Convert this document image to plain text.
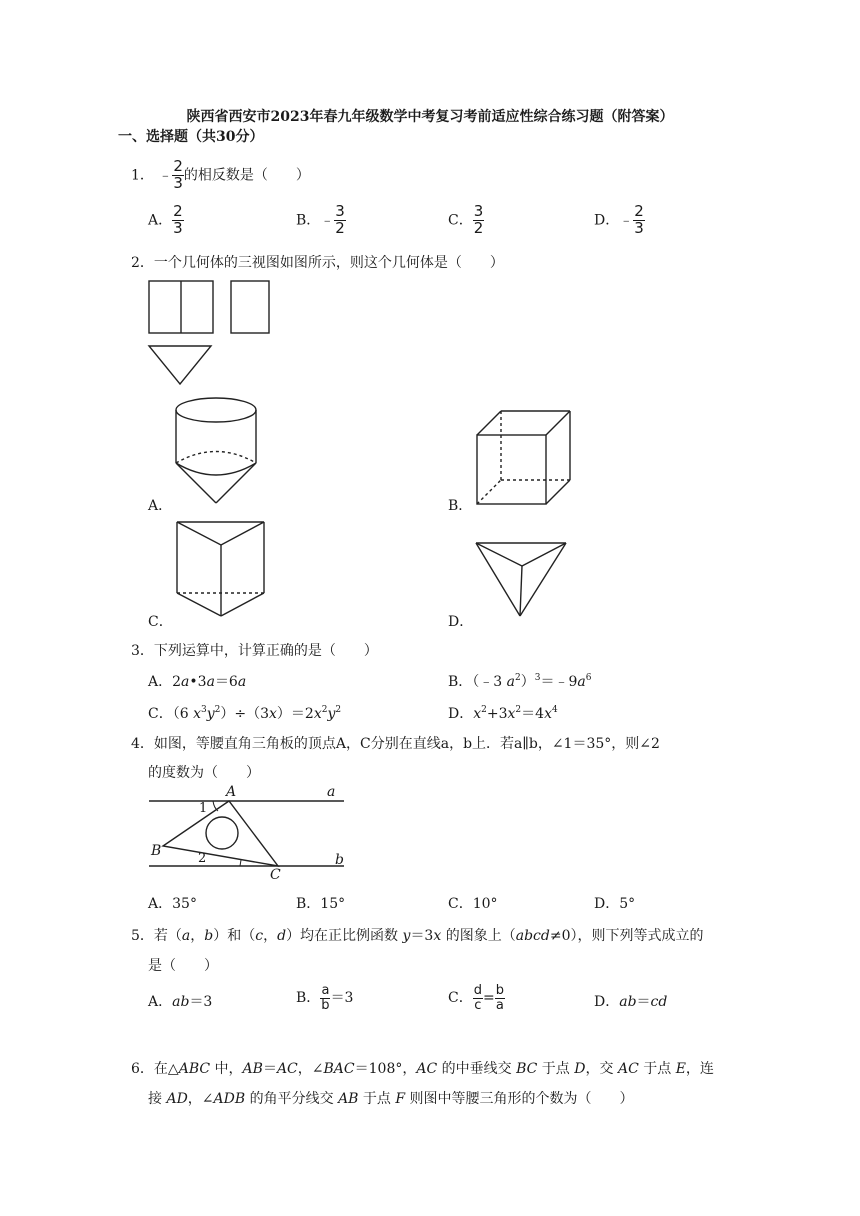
陕西省西安市2023年春九年级数学中考复习考前适应性综合练习题（附答案）
一、选择题（共30分）
1． ﹣ $\frac{2}{3}$ 的相反数是（　　）
A． $\frac{2}{3}$	B．﹣ $\frac{3}{2}$	C． $\frac{3}{2}$	D．﹣ $\frac{2}{3}$
2．一个几何体的三视图如图所示，则这个几何体是（　　）
A．	B．
C．	D．
3．下列运算中，计算正确的是（　　）
A．2a•3a＝6a	B．（﹣3 $a^2)^3=﹣9a^6$
C．（6 $x^3y^2)\div(3x)=2x^2y^2$	D．$x^2+3x^2=4x^4$
4．如图，等腰直角三角板的顶点A，C分别在直线a，b上．若a∥b，∠1＝35°，则∠2
的度数为（　　）
A	a
1
B	2	b
C
A．35°	B．15°	C．10°	D．5°
5．若（a，b）和（c，d）均在正比例函数 y＝3x 的图象上（abcd≠0），则下列等式成立的
是（　　）
A．ab＝3	B． $\frac{a}{b} =3$	C． $\frac{d}{c} = \frac{b}{a}$	D．ab＝cd
6．在△ABC 中，AB＝AC，∠BAC＝108°，AC 的中垂线交 BC 于点 D，交 AC 于点 E，连
接 AD，∠ADB 的角平分线交 AB 于点 F 则图中等腰三角形的个数为（　　）
